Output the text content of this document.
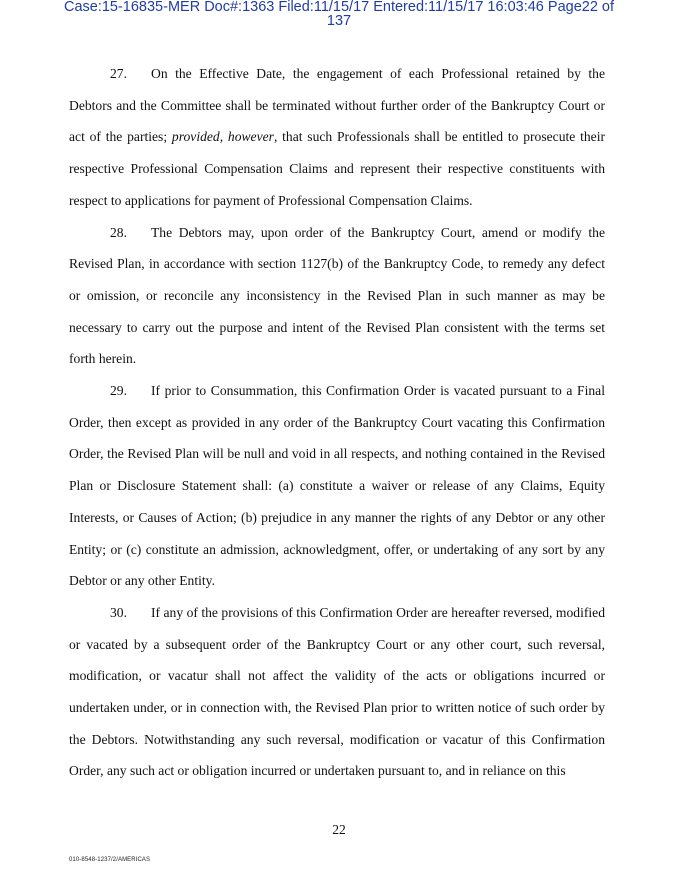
Case:15-16835-MER Doc#:1363 Filed:11/15/17 Entered:11/15/17 16:03:46 Page22 of
137

27. On the Effective Date, the engagement of each Professional retained by the Debtors and the Committee shall be terminated without further order of the Bankruptcy Court or act of the parties; provided, however, that such Professionals shall be entitled to prosecute their respective Professional Compensation Claims and represent their respective constituents with respect to applications for payment of Professional Compensation Claims.

28. The Debtors may, upon order of the Bankruptcy Court, amend or modify the Revised Plan, in accordance with section 1127(b) of the Bankruptcy Code, to remedy any defect or omission, or reconcile any inconsistency in the Revised Plan in such manner as may be necessary to carry out the purpose and intent of the Revised Plan consistent with the terms set forth herein.

29. If prior to Consummation, this Confirmation Order is vacated pursuant to a Final Order, then except as provided in any order of the Bankruptcy Court vacating this Confirmation Order, the Revised Plan will be null and void in all respects, and nothing contained in the Revised Plan or Disclosure Statement shall: (a) constitute a waiver or release of any Claims, Equity Interests, or Causes of Action; (b) prejudice in any manner the rights of any Debtor or any other Entity; or (c) constitute an admission, acknowledgment, offer, or undertaking of any sort by any Debtor or any other Entity.

30. If any of the provisions of this Confirmation Order are hereafter reversed, modified or vacated by a subsequent order of the Bankruptcy Court or any other court, such reversal, modification, or vacatur shall not affect the validity of the acts or obligations incurred or undertaken under, or in connection with, the Revised Plan prior to written notice of such order by the Debtors. Notwithstanding any such reversal, modification or vacatur of this Confirmation Order, any such act or obligation incurred or undertaken pursuant to, and in reliance on this

22
010-8548-1237/2/AMERICAS
